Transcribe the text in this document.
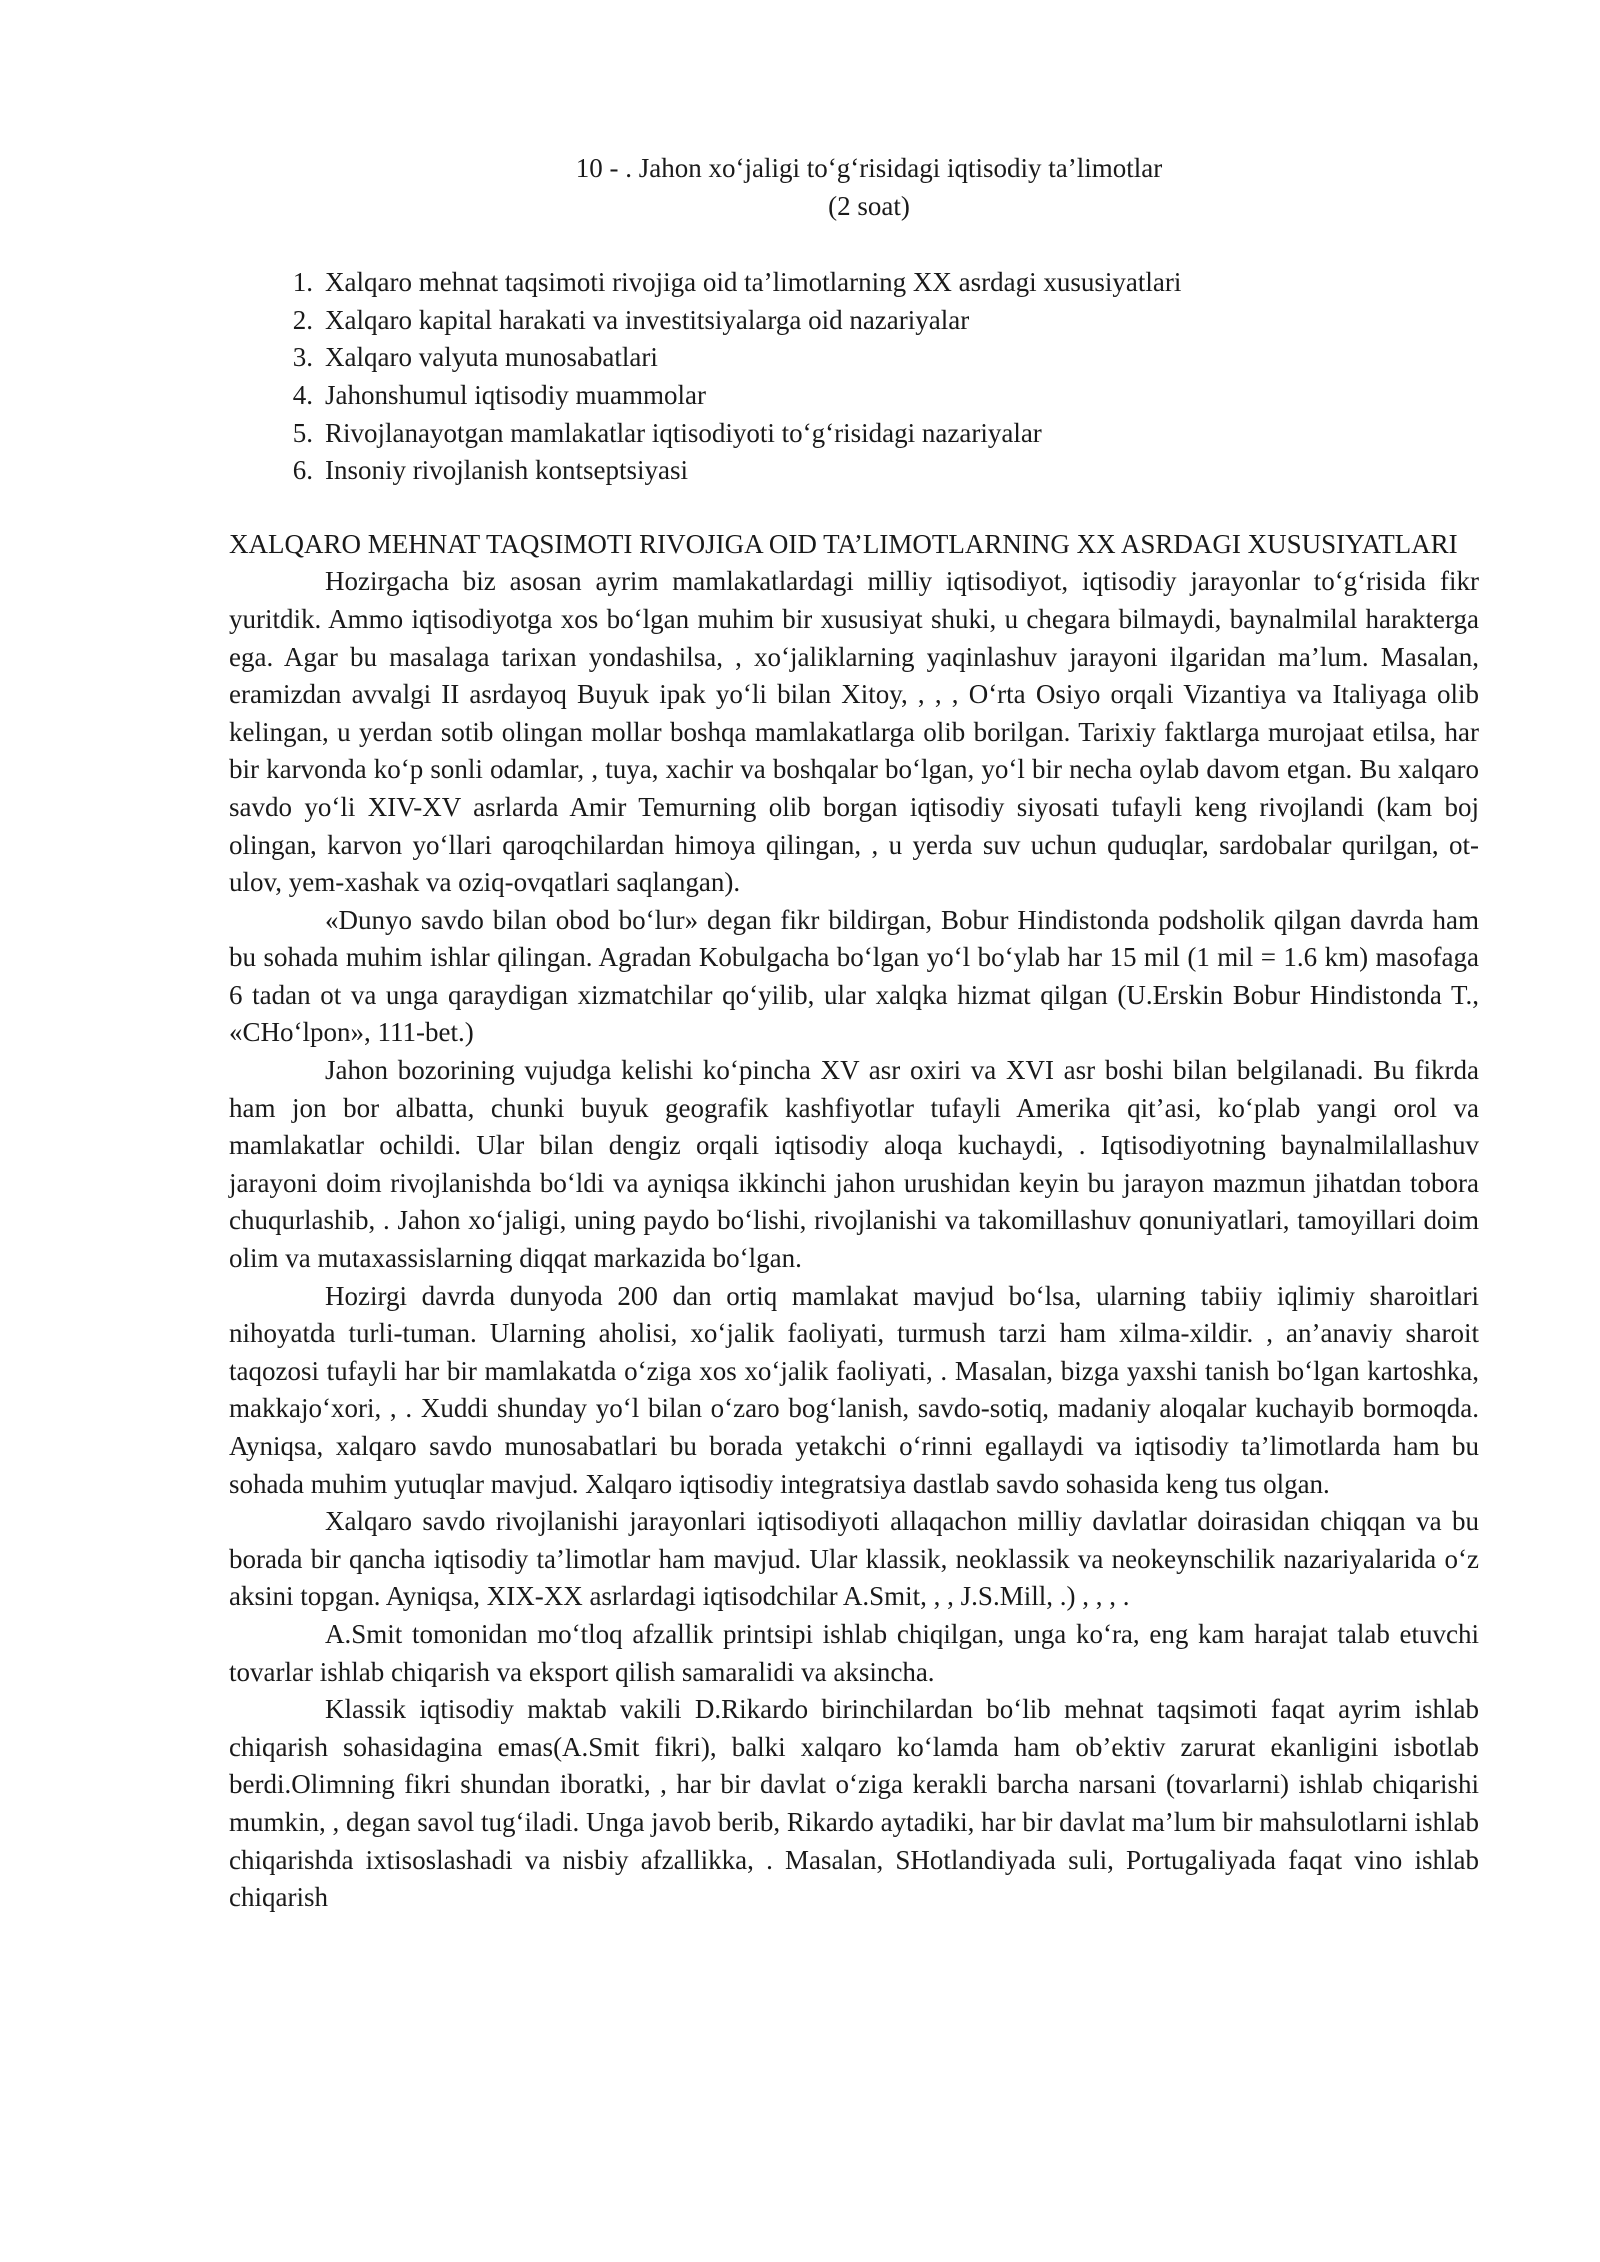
10 - . Jahon xo‘jaligi to‘g‘risidagi iqtisodiy ta’limotlar
(2 soat)
1. Xalqaro mehnat taqsimoti rivojiga oid ta’limotlarning XX asrdagi xususiyatlari
2. Xalqaro kapital harakati va investitsiyalarga oid nazariyalar
3. Xalqaro valyuta munosabatlari
4. Jahonshumul iqtisodiy muammolar
5. Rivojlanayotgan mamlakatlar iqtisodiyoti to‘g‘risidagi nazariyalar
6. Insoniy rivojlanish kontseptsiyasi
XALQARO MEHNAT TAQSIMOTI RIVOJIGA OID TA’LIMOTLARNING XX ASRDAGI XUSUSIYATLARI

Hozirgacha biz asosan ayrim mamlakatlardagi milliy iqtisodiyot, iqtisodiy jarayonlar to‘g‘risida fikr yuritdik. Ammo iqtisodiyotga xos bo‘lgan muhim bir xususiyat shuki, u chegara bilmaydi, baynalmilal harakterga ega. Agar bu masalaga tarixan yondashilsa, , xo‘jaliklarning yaqinlashuv jarayoni ilgaridan ma’lum. Masalan, eramizdan avvalgi II asrdayoq Buyuk ipak yo‘li bilan Xitoy, , , , O‘rta Osiyo orqali Vizantiya va Italiyaga olib kelingan, u yerdan sotib olingan mollar boshqa mamlakatlarga olib borilgan. Tarixiy faktlarga murojaat etilsa, har bir karvonda ko‘p sonli odamlar, , tuya, xachir va boshqalar bo‘lgan, yo‘l bir necha oylab davom etgan. Bu xalqaro savdo yo‘li XIV-XV asrlarda Amir Temurning olib borgan iqtisodiy siyosati tufayli keng rivojlandi (kam boj olingan, karvon yo‘llari qaroqchilardan himoya qilingan, , u yerda suv uchun quduqlar, sardobalar qurilgan, ot-ulov, yem-xashak va oziq-ovqatlari saqlangan).

«Dunyo savdo bilan obod bo‘lur» degan fikr bildirgan, Bobur Hindistonda podsholik qilgan davrda ham bu sohada muhim ishlar qilingan. Agradan Kobulgacha bo‘lgan yo‘l bo‘ylab har 15 mil (1 mil = 1.6 km) masofaga 6 tadan ot va unga qaraydigan xizmatchilar qo‘yilib, ular xalqka hizmat qilgan (U.Erskin Bobur Hindistonda T., «CHo‘lpon», 111-bet.)

Jahon bozorining vujudga kelishi ko‘pincha XV asr oxiri va XVI asr boshi bilan belgilanadi. Bu fikrda ham jon bor albatta, chunki buyuk geografik kashfiyotlar tufayli Amerika qit’asi, ko‘plab yangi orol va mamlakatlar ochildi. Ular bilan dengiz orqali iqtisodiy aloqa kuchaydi, . Iqtisodiyotning baynalmilallashuv jarayoni doim rivojlanishda bo‘ldi va ayniqsa ikkinchi jahon urushidan keyin bu jarayon mazmun jihatdan tobora chuqurlashib, . Jahon xo‘jaligi, uning paydo bo‘lishi, rivojlanishi va takomillashuv qonuniyatlari, tamoyillari doim olim va mutaxassislarning diqqat markazida bo‘lgan.

Hozirgi davrda dunyoda 200 dan ortiq mamlakat mavjud bo‘lsa, ularning tabiiy iqlimiy sharoitlari nihoyatda turli-tuman. Ularning aholisi, xo‘jalik faoliyati, turmush tarzi ham xilma-xildir. , an’anaviy sharoit taqozosi tufayli har bir mamlakatda o‘ziga xos xo‘jalik faoliyati, . Masalan, bizga yaxshi tanish bo‘lgan kartoshka, makkajo‘xori, , . Xuddi shunday yo‘l bilan o‘zaro bog‘lanish, savdo-sotiq, madaniy aloqalar kuchayib bormoqda. Ayniqsa, xalqaro savdo munosabatlari bu borada yetakchi o‘rinni egallaydi va iqtisodiy ta’limotlarda ham bu sohada muhim yutuqlar mavjud. Xalqaro iqtisodiy integratsiya dastlab savdo sohasida keng tus olgan.

Xalqaro savdo rivojlanishi jarayonlari iqtisodiyoti allaqachon milliy davlatlar doirasidan chiqqan va bu borada bir qancha iqtisodiy ta’limotlar ham mavjud. Ular klassik, neoklassik va neokeynschilik nazariyalarida o‘z aksini topgan. Ayniqsa, XIX-XX asrlardagi iqtisodchilar A.Smit, , , J.S.Mill, .) , , , .

A.Smit tomonidan mo‘tloq afzallik printsipi ishlab chiqilgan, unga ko‘ra, eng kam harajat talab etuvchi tovarlar ishlab chiqarish va eksport qilish samaralidi va aksincha.

Klassik iqtisodiy maktab vakili D.Rikardo birinchilardan bo‘lib mehnat taqsimoti faqat ayrim ishlab chiqarish sohasidagina emas(A.Smit fikri), balki xalqaro ko‘lamda ham ob’ektiv zarurat ekanligini isbotlab berdi.Olimning fikri shundan iboratki, , har bir davlat o‘ziga kerakli barcha narsani (tovarlarni) ishlab chiqarishi mumkin, , degan savol tug‘iladi. Unga javob berib, Rikardo aytadiki, har bir davlat ma’lum bir mahsulotlarni ishlab chiqarishda ixtisoslashadi va nisbiy afzallikka, . Masalan, SHotlandiyada suli, Portugaliyada faqat vino ishlab chiqarish
